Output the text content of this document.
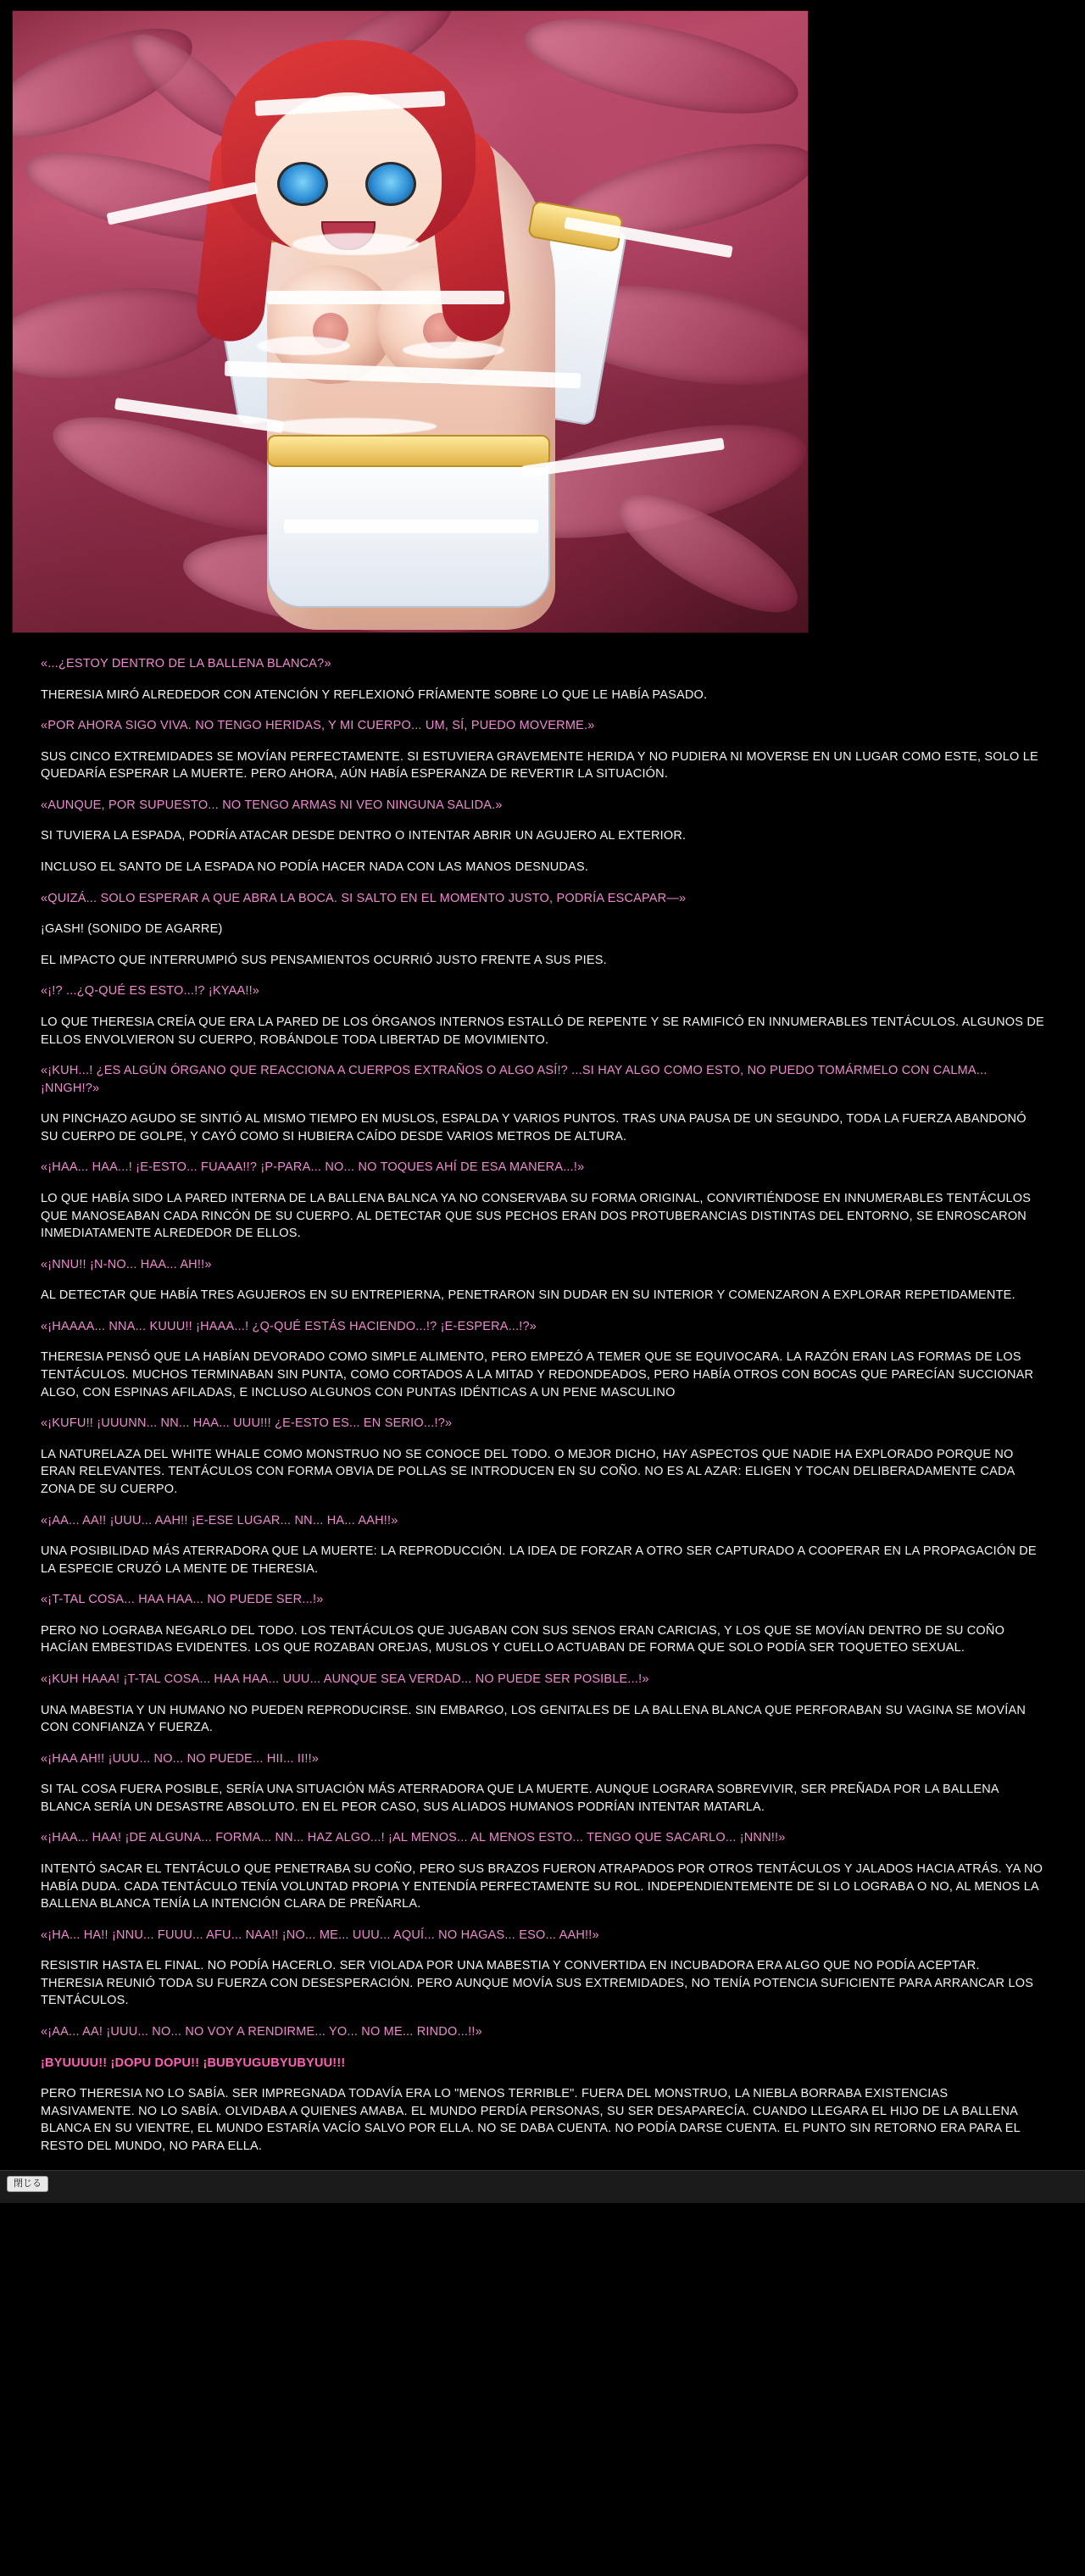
«...¿ESTOY DENTRO DE LA BALLENA BLANCA?»

THERESIA MIRÓ ALREDEDOR CON ATENCIÓN Y REFLEXIONÓ FRÍAMENTE SOBRE LO QUE LE HABÍA PASADO.

«POR AHORA SIGO VIVA. NO TENGO HERIDAS, Y MI CUERPO... UM, SÍ, PUEDO MOVERME.»

SUS CINCO EXTREMIDADES SE MOVÍAN PERFECTAMENTE. SI ESTUVIERA GRAVEMENTE HERIDA Y NO PUDIERA NI MOVERSE EN UN LUGAR COMO ESTE, SOLO LE QUEDARÍA ESPERAR LA MUERTE. PERO AHORA, AÚN HABÍA ESPERANZA DE REVERTIR LA SITUACIÓN.

«AUNQUE, POR SUPUESTO... NO TENGO ARMAS NI VEO NINGUNA SALIDA.»

SI TUVIERA LA ESPADA, PODRÍA ATACAR DESDE DENTRO O INTENTAR ABRIR UN AGUJERO AL EXTERIOR.

INCLUSO EL SANTO DE LA ESPADA NO PODÍA HACER NADA CON LAS MANOS DESNUDAS.

«QUIZÁ... SOLO ESPERAR A QUE ABRA LA BOCA. SI SALTO EN EL MOMENTO JUSTO, PODRÍA ESCAPAR—»

¡GASH! (SONIDO DE AGARRE)

EL IMPACTO QUE INTERRUMPIÓ SUS PENSAMIENTOS OCURRIÓ JUSTO FRENTE A SUS PIES.

«¡!? ...¿Q-QUÉ ES ESTO...!? ¡KYAA!!»

LO QUE THERESIA CREÍA QUE ERA LA PARED DE LOS ÓRGANOS INTERNOS ESTALLÓ DE REPENTE Y SE RAMIFICÓ EN INNUMERABLES TENTÁCULOS. ALGUNOS DE ELLOS ENVOLVIERON SU CUERPO, ROBÁNDOLE TODA LIBERTAD DE MOVIMIENTO.

«¡KUH...! ¿ES ALGÚN ÓRGANO QUE REACCIONA A CUERPOS EXTRAÑOS O ALGO ASÍ!? ...SI HAY ALGO COMO ESTO, NO PUEDO TOMÁRMELO CON CALMA... ¡NNGH!?»

UN PINCHAZO AGUDO SE SINTIÓ AL MISMO TIEMPO EN MUSLOS, ESPALDA Y VARIOS PUNTOS. TRAS UNA PAUSA DE UN SEGUNDO, TODA LA FUERZA ABANDONÓ SU CUERPO DE GOLPE, Y CAYÓ COMO SI HUBIERA CAÍDO DESDE VARIOS METROS DE ALTURA.

«¡HAA... HAA...! ¡E-ESTO... FUAAA!!? ¡P-PARA... NO... NO TOQUES AHÍ DE ESA MANERA...!»

LO QUE HABÍA SIDO LA PARED INTERNA DE LA BALLENA BALNCA YA NO CONSERVABA SU FORMA ORIGINAL, CONVIRTIÉNDOSE EN INNUMERABLES TENTÁCULOS QUE MANOSEABAN CADA RINCÓN DE SU CUERPO. AL DETECTAR QUE SUS PECHOS ERAN DOS PROTUBERANCIAS DISTINTAS DEL ENTORNO, SE ENROSCARON INMEDIATAMENTE ALREDEDOR DE ELLOS.

«¡NNU!! ¡N-NO... HAA... AH!!»

AL DETECTAR QUE HABÍA TRES AGUJEROS EN SU ENTREPIERNA, PENETRARON SIN DUDAR EN SU INTERIOR Y COMENZARON A EXPLORAR REPETIDAMENTE.

«¡HAAAA... NNA... KUUU!! ¡HAAA...! ¿Q-QUÉ ESTÁS HACIENDO...!? ¡E-ESPERA...!?»

THERESIA PENSÓ QUE LA HABÍAN DEVORADO COMO SIMPLE ALIMENTO, PERO EMPEZÓ A TEMER QUE SE EQUIVOCARA. LA RAZÓN ERAN LAS FORMAS DE LOS TENTÁCULOS. MUCHOS TERMINABAN SIN PUNTA, COMO CORTADOS A LA MITAD Y REDONDEADOS, PERO HABÍA OTROS CON BOCAS QUE PARECÍAN SUCCIONAR ALGO, CON ESPINAS AFILADAS, E INCLUSO ALGUNOS CON PUNTAS IDÉNTICAS A UN PENE MASCULINO

«¡KUFU!! ¡UUUNN... NN... HAA... UUU!!! ¿E-ESTO ES... EN SERIO...!?»

LA NATURELAZA DEL WHITE WHALE COMO MONSTRUO NO SE CONOCE DEL TODO. O MEJOR DICHO, HAY ASPECTOS QUE NADIE HA EXPLORADO PORQUE NO ERAN RELEVANTES. TENTÁCULOS CON FORMA OBVIA DE POLLAS SE INTRODUCEN EN SU COÑO. NO ES AL AZAR: ELIGEN Y TOCAN DELIBERADAMENTE CADA ZONA DE SU CUERPO.

«¡AA... AA!! ¡UUU... AAH!! ¡E-ESE LUGAR... NN... HA... AAH!!»

UNA POSIBILIDAD MÁS ATERRADORA QUE LA MUERTE: LA REPRODUCCIÓN. LA IDEA DE FORZAR A OTRO SER CAPTURADO A COOPERAR EN LA PROPAGACIÓN DE LA ESPECIE CRUZÓ LA MENTE DE THERESIA.

«¡T-TAL COSA... HAA HAA... NO PUEDE SER...!»

PERO NO LOGRABA NEGARLO DEL TODO. LOS TENTÁCULOS QUE JUGABAN CON SUS SENOS ERAN CARICIAS, Y LOS QUE SE MOVÍAN DENTRO DE SU COÑO HACÍAN EMBESTIDAS EVIDENTES. LOS QUE ROZABAN OREJAS, MUSLOS Y CUELLO ACTUABAN DE FORMA QUE SOLO PODÍA SER TOQUETEO SEXUAL.

«¡KUH HAAA! ¡T-TAL COSA... HAA HAA... UUU... AUNQUE SEA VERDAD... NO PUEDE SER POSIBLE...!»

UNA MABESTIA Y UN HUMANO NO PUEDEN REPRODUCIRSE. SIN EMBARGO, LOS GENITALES DE LA BALLENA BLANCA QUE PERFORABAN SU VAGINA SE MOVÍAN CON CONFIANZA Y FUERZA.

«¡HAA AH!! ¡UUU... NO... NO PUEDE... HII... II!!»

SI TAL COSA FUERA POSIBLE, SERÍA UNA SITUACIÓN MÁS ATERRADORA QUE LA MUERTE. AUNQUE LOGRARA SOBREVIVIR, SER PREÑADA POR LA BALLENA BLANCA SERÍA UN DESASTRE ABSOLUTO. EN EL PEOR CASO, SUS ALIADOS HUMANOS PODRÍAN INTENTAR MATARLA.

«¡HAA... HAA! ¡DE ALGUNA... FORMA... NN... HAZ ALGO...! ¡AL MENOS... AL MENOS ESTO... TENGO QUE SACARLO... ¡NNN!!»

INTENTÓ SACAR EL TENTÁCULO QUE PENETRABA SU COÑO, PERO SUS BRAZOS FUERON ATRAPADOS POR OTROS TENTÁCULOS Y JALADOS HACIA ATRÁS. YA NO HABÍA DUDA. CADA TENTÁCULO TENÍA VOLUNTAD PROPIA Y ENTENDÍA PERFECTAMENTE SU ROL. INDEPENDIENTEMENTE DE SI LO LOGRABA O NO, AL MENOS LA BALLENA BLANCA TENÍA LA INTENCIÓN CLARA DE PREÑARLA.

«¡HA... HA!! ¡NNU... FUUU... AFU... NAA!! ¡NO... ME... UUU... AQUÍ... NO HAGAS... ESO... AAH!!»

RESISTIR HASTA EL FINAL. NO PODÍA HACERLO. SER VIOLADA POR UNA MABESTIA Y CONVERTIDA EN INCUBADORA ERA ALGO QUE NO PODÍA ACEPTAR. THERESIA REUNIÓ TODA SU FUERZA CON DESESPERACIÓN. PERO AUNQUE MOVÍA SUS EXTREMIDADES, NO TENÍA POTENCIA SUFICIENTE PARA ARRANCAR LOS TENTÁCULOS.

«¡AA... AA! ¡UUU... NO... NO VOY A RENDIRME... YO... NO ME... RINDO...!!»

¡BYUUUU!! ¡DOPU DOPU!! ¡BUBYUGUBYUBYUU!!!

PERO THERESIA NO LO SABÍA. SER IMPREGNADA TODAVÍA ERA LO "MENOS TERRIBLE". FUERA DEL MONSTRUO, LA NIEBLA BORRABA EXISTENCIAS MASIVAMENTE. NO LO SABÍA. OLVIDABA A QUIENES AMABA. EL MUNDO PERDÍA PERSONAS, SU SER DESAPARECÍA. CUANDO LLEGARA EL HIJO DE LA BALLENA BLANCA EN SU VIENTRE, EL MUNDO ESTARÍA VACÍO SALVO POR ELLA. NO SE DABA CUENTA. NO PODÍA DARSE CUENTA. EL PUNTO SIN RETORNO ERA PARA EL RESTO DEL MUNDO, NO PARA ELLA.

閉じる
